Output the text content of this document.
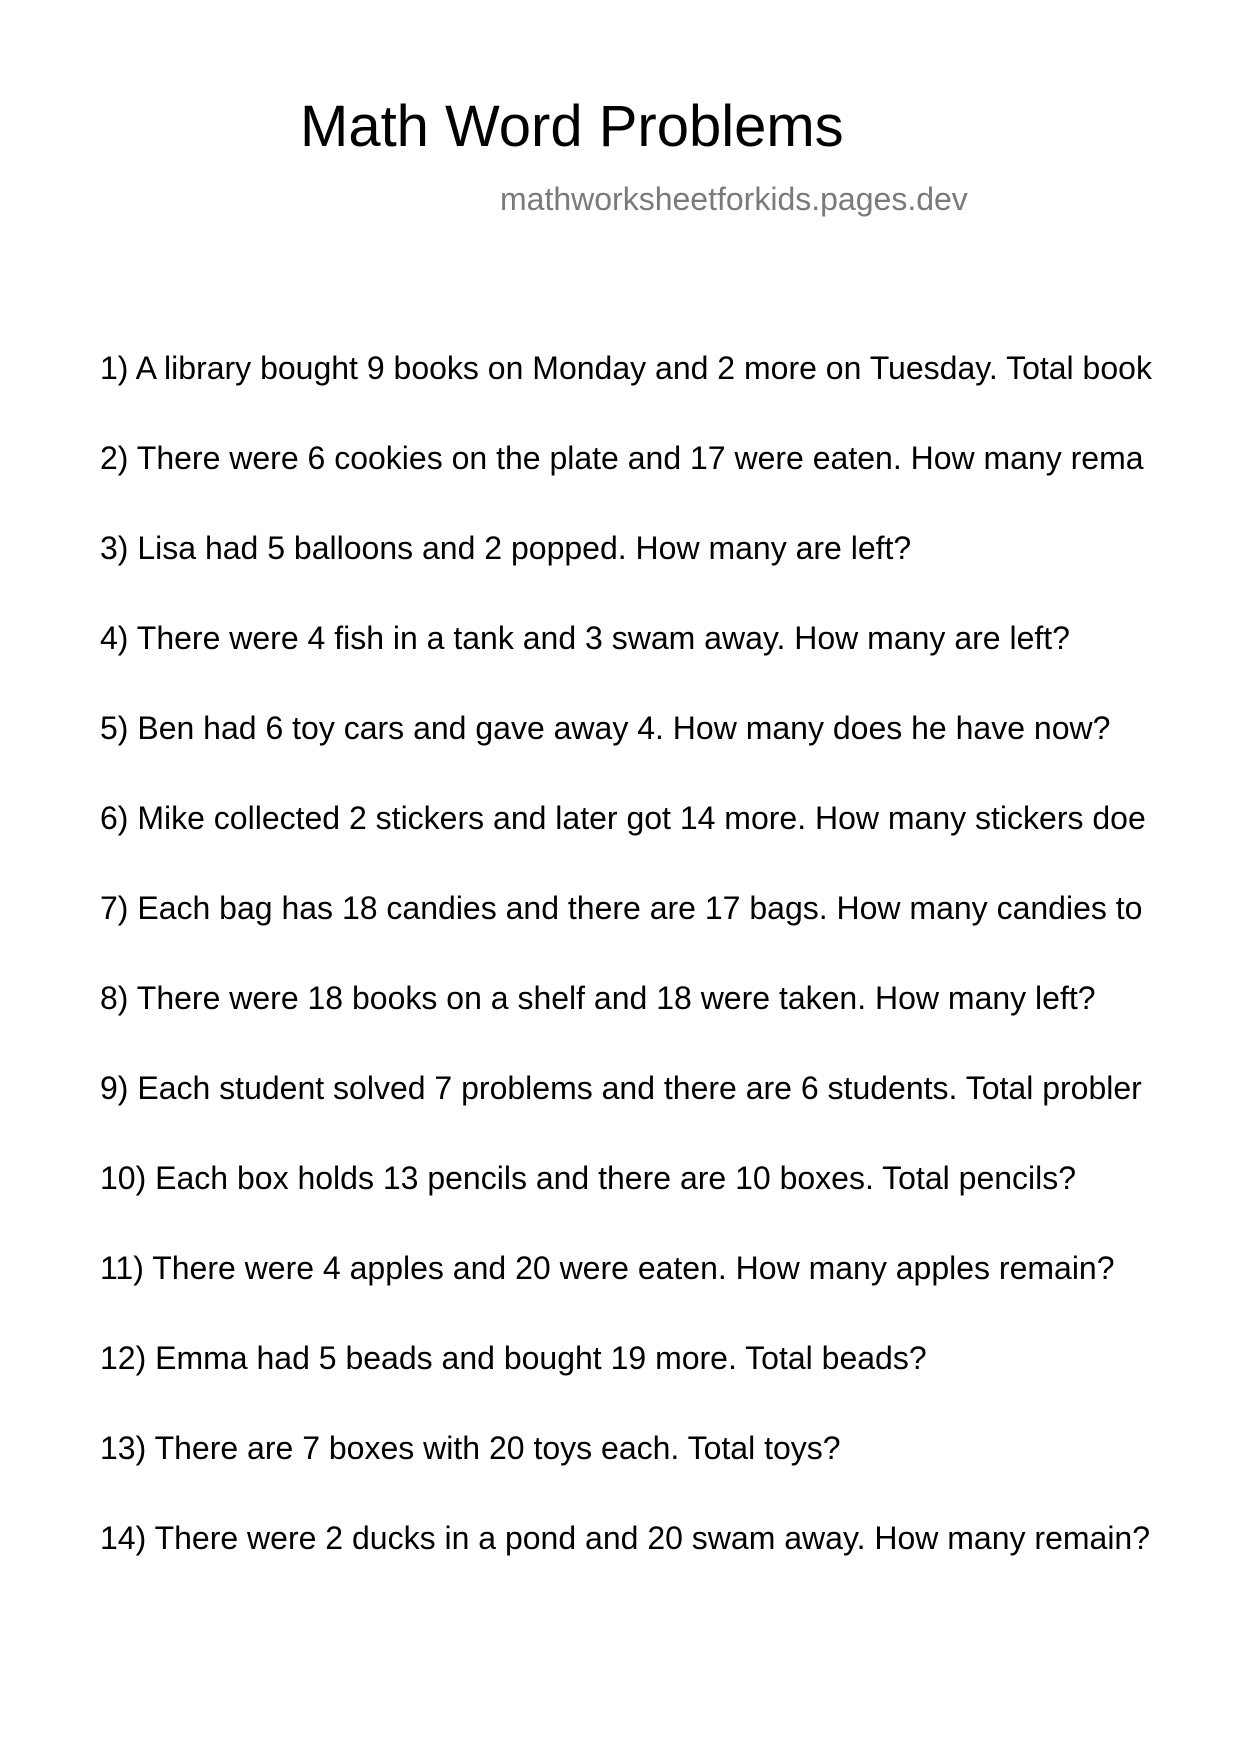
Math Word Problems
mathworksheetforkids.pages.dev
1) A library bought 9 books on Monday and 2 more on Tuesday. Total book
2) There were 6 cookies on the plate and 17 were eaten. How many rema
3) Lisa had 5 balloons and 2 popped. How many are left?
4) There were 4 fish in a tank and 3 swam away. How many are left?
5) Ben had 6 toy cars and gave away 4. How many does he have now?
6) Mike collected 2 stickers and later got 14 more. How many stickers doe
7) Each bag has 18 candies and there are 17 bags. How many candies to
8) There were 18 books on a shelf and 18 were taken. How many left?
9) Each student solved 7 problems and there are 6 students. Total probler
10) Each box holds 13 pencils and there are 10 boxes. Total pencils?
11) There were 4 apples and 20 were eaten. How many apples remain?
12) Emma had 5 beads and bought 19 more. Total beads?
13) There are 7 boxes with 20 toys each. Total toys?
14) There were 2 ducks in a pond and 20 swam away. How many remain?
